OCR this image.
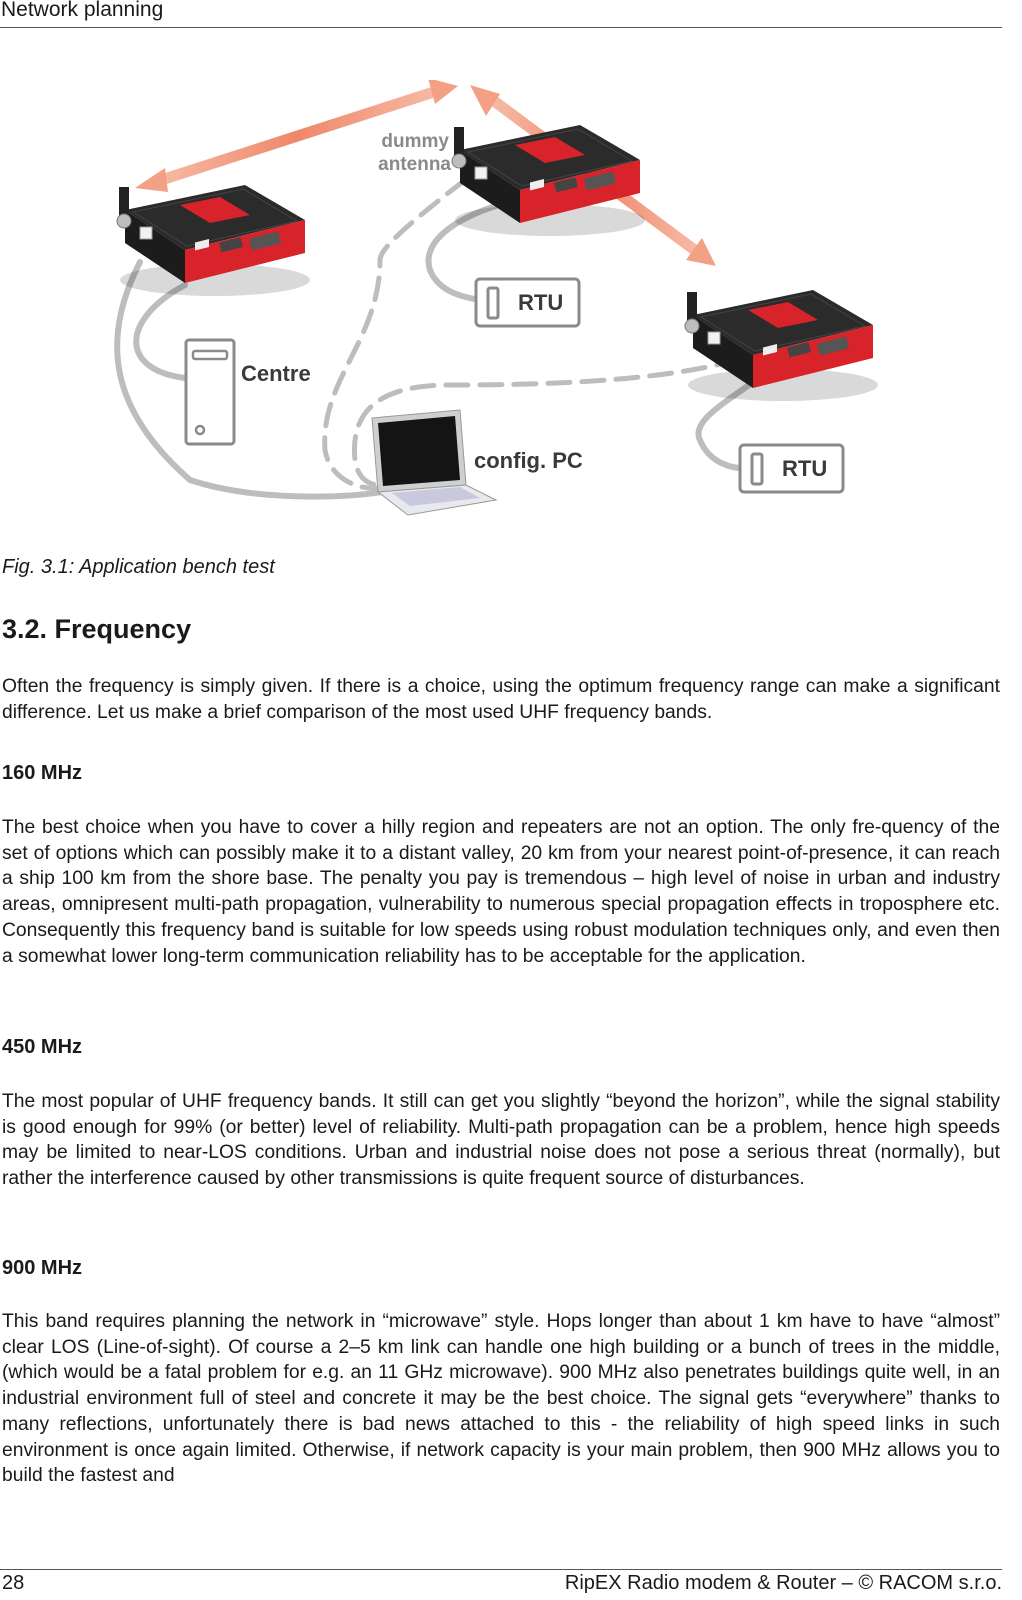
Network planning
dummy
antenna
Centre
config. PC
RTU
RTU
Fig. 3.1: Application bench test
3.2. Frequency

Often the frequency is simply given. If there is a choice, using the optimum frequency range can make a significant difference. Let us make a brief comparison of the most used UHF frequency bands.

160 MHz

The best choice when you have to cover a hilly region and repeaters are not an option. The only fre-quency of the set of options which can possibly make it to a distant valley, 20 km from your nearest point-of-presence, it can reach a ship 100 km from the shore base. The penalty you pay is tremendous – high level of noise in urban and industry areas, omnipresent multi-path propagation, vulnerability to numerous special propagation effects in troposphere etc. Consequently this frequency band is suitable for low speeds using robust modulation techniques only, and even then a somewhat lower long-term communication reliability has to be acceptable for the application.

450 MHz

The most popular of UHF frequency bands. It still can get you slightly “beyond the horizon”, while the signal stability is good enough for 99% (or better) level of reliability. Multi-path propagation can be a problem, hence high speeds may be limited to near-LOS conditions. Urban and industrial noise does not pose a serious threat (normally), but rather the interference caused by other transmissions is quite frequent source of disturbances.

900 MHz

This band requires planning the network in “microwave” style. Hops longer than about 1 km have to have “almost” clear LOS (Line-of-sight). Of course a 2–5 km link can handle one high building or a bunch of trees in the middle, (which would be a fatal problem for e.g. an 11 GHz microwave). 900 MHz also penetrates buildings quite well, in an industrial environment full of steel and concrete it may be the best choice. The signal gets “everywhere” thanks to many reflections, unfortunately there is bad news attached to this - the reliability of high speed links in such environment is once again limited. Otherwise, if network capacity is your main problem, then 900 MHz allows you to build the fastest and

28	RipEX Radio modem & Router – © RACOM s.r.o.
